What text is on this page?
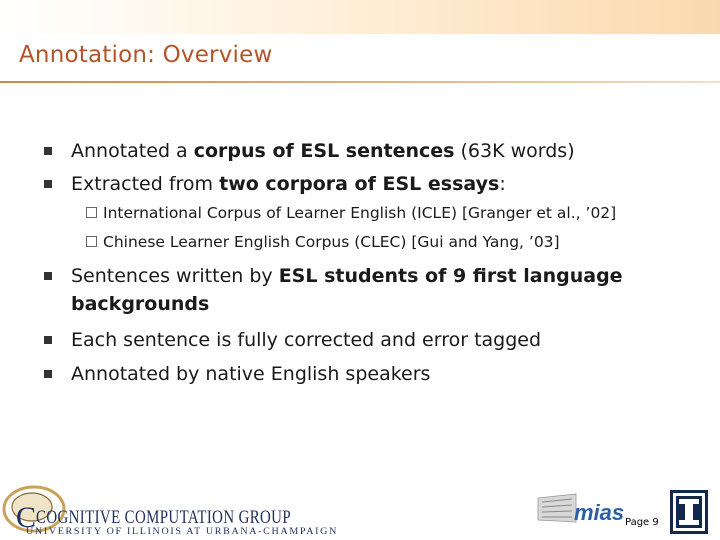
Annotation: Overview
Annotated a corpus of ESL sentences (63K words)
Extracted from two corpora of ESL essays:
International Corpus of Learner English (ICLE) [Granger et al., ’02]
Chinese Learner English Corpus (CLEC) [Gui and Yang, ’03]
Sentences written by ESL students of 9 first language
backgrounds
Each sentence is fully corrected and error tagged
Annotated by native English speakers
C COGNITIVE COMPUTATION GROUP
UNIVERSITY OF ILLINOIS AT URBANA-CHAMPAIGN
mias Page 9
